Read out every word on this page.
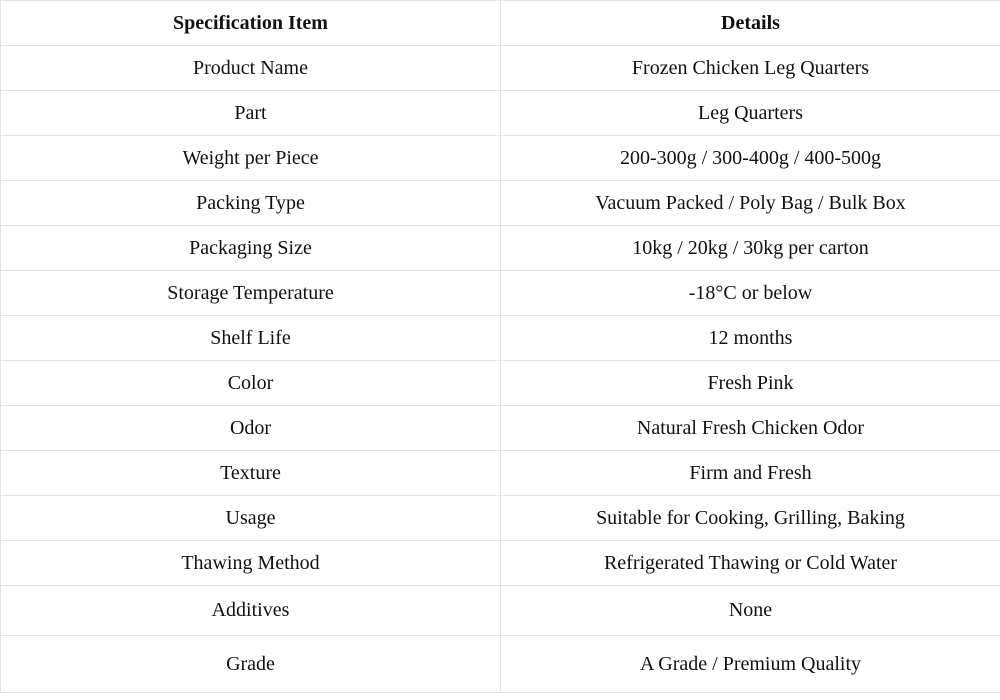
Specification Item	Details
Product Name	Frozen Chicken Leg Quarters
Part	Leg Quarters
Weight per Piece	200-300g / 300-400g / 400-500g
Packing Type	Vacuum Packed / Poly Bag / Bulk Box
Packaging Size	10kg / 20kg / 30kg per carton
Storage Temperature	-18°C or below
Shelf Life	12 months
Color	Fresh Pink
Odor	Natural Fresh Chicken Odor
Texture	Firm and Fresh
Usage	Suitable for Cooking, Grilling, Baking
Thawing Method	Refrigerated Thawing or Cold Water
Additives	None
Grade	A Grade / Premium Quality
